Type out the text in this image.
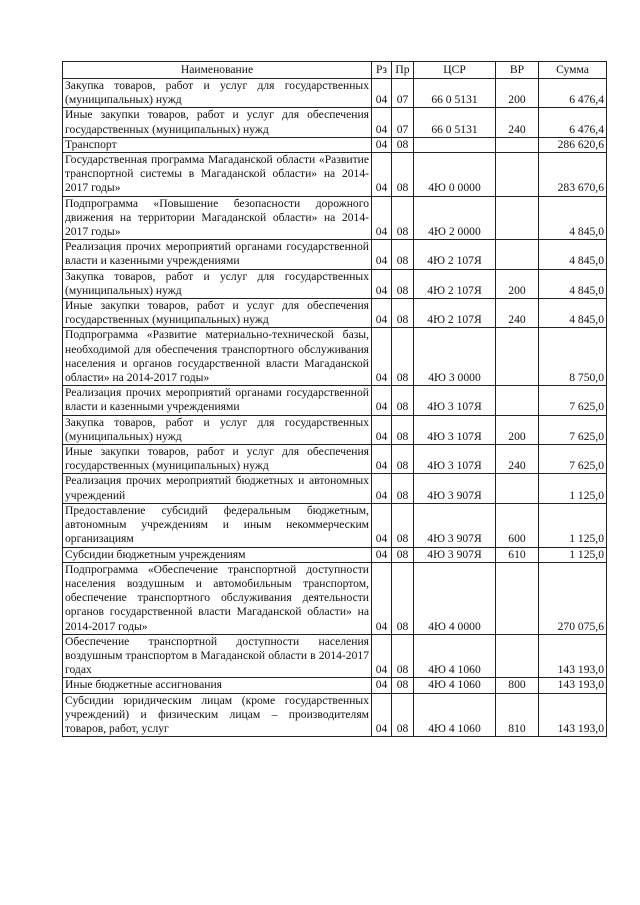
Наименование	Рз	Пр	ЦСР	ВР	Сумма
Закупка товаров, работ и услуг для государственных (муниципальных) нужд	04	07	66 0 5131	200	6 476,4
Иные закупки товаров, работ и услуг для обеспечения государственных (муниципальных) нужд	04	07	66 0 5131	240	6 476,4
Транспорт	04	08			286 620,6
Государственная программа Магаданской области «Развитие транспортной системы в Магаданской области» на 2014-2017 годы»	04	08	4Ю 0 0000		283 670,6
Подпрограмма «Повышение безопасности дорожного движения на территории Магаданской области» на 2014-2017 годы»	04	08	4Ю 2 0000		4 845,0
Реализация прочих мероприятий органами государственной власти и казенными учреждениями	04	08	4Ю 2 107Я		4 845,0
Закупка товаров, работ и услуг для государственных (муниципальных) нужд	04	08	4Ю 2 107Я	200	4 845,0
Иные закупки товаров, работ и услуг для обеспечения государственных (муниципальных) нужд	04	08	4Ю 2 107Я	240	4 845,0
Подпрограмма «Развитие материально-технической базы, необходимой для обеспечения транспортного обслуживания населения и органов государственной власти Магаданской области» на 2014-2017 годы»	04	08	4Ю 3 0000		8 750,0
Реализация прочих мероприятий органами государственной власти и казенными учреждениями	04	08	4Ю 3 107Я		7 625,0
Закупка товаров, работ и услуг для государственных (муниципальных) нужд	04	08	4Ю 3 107Я	200	7 625,0
Иные закупки товаров, работ и услуг для обеспечения государственных (муниципальных) нужд	04	08	4Ю 3 107Я	240	7 625,0
Реализация прочих мероприятий бюджетных и автономных учреждений	04	08	4Ю 3 907Я		1 125,0
Предоставление субсидий федеральным бюджетным, автономным учреждениям и иным некоммерческим организациям	04	08	4Ю 3 907Я	600	1 125,0
Субсидии бюджетным учреждениям	04	08	4Ю 3 907Я	610	1 125,0
Подпрограмма «Обеспечение транспортной доступности населения воздушным и автомобильным транспортом, обеспечение транспортного обслуживания деятельности органов государственной власти Магаданской области» на 2014-2017 годы»	04	08	4Ю 4 0000		270 075,6
Обеспечение транспортной доступности населения воздушным транспортом в Магаданской области в 2014-2017 годах	04	08	4Ю 4 1060		143 193,0
Иные бюджетные ассигнования	04	08	4Ю 4 1060	800	143 193,0
Субсидии юридическим лицам (кроме государственных учреждений) и физическим лицам – производителям товаров, работ, услуг	04	08	4Ю 4 1060	810	143 193,0
